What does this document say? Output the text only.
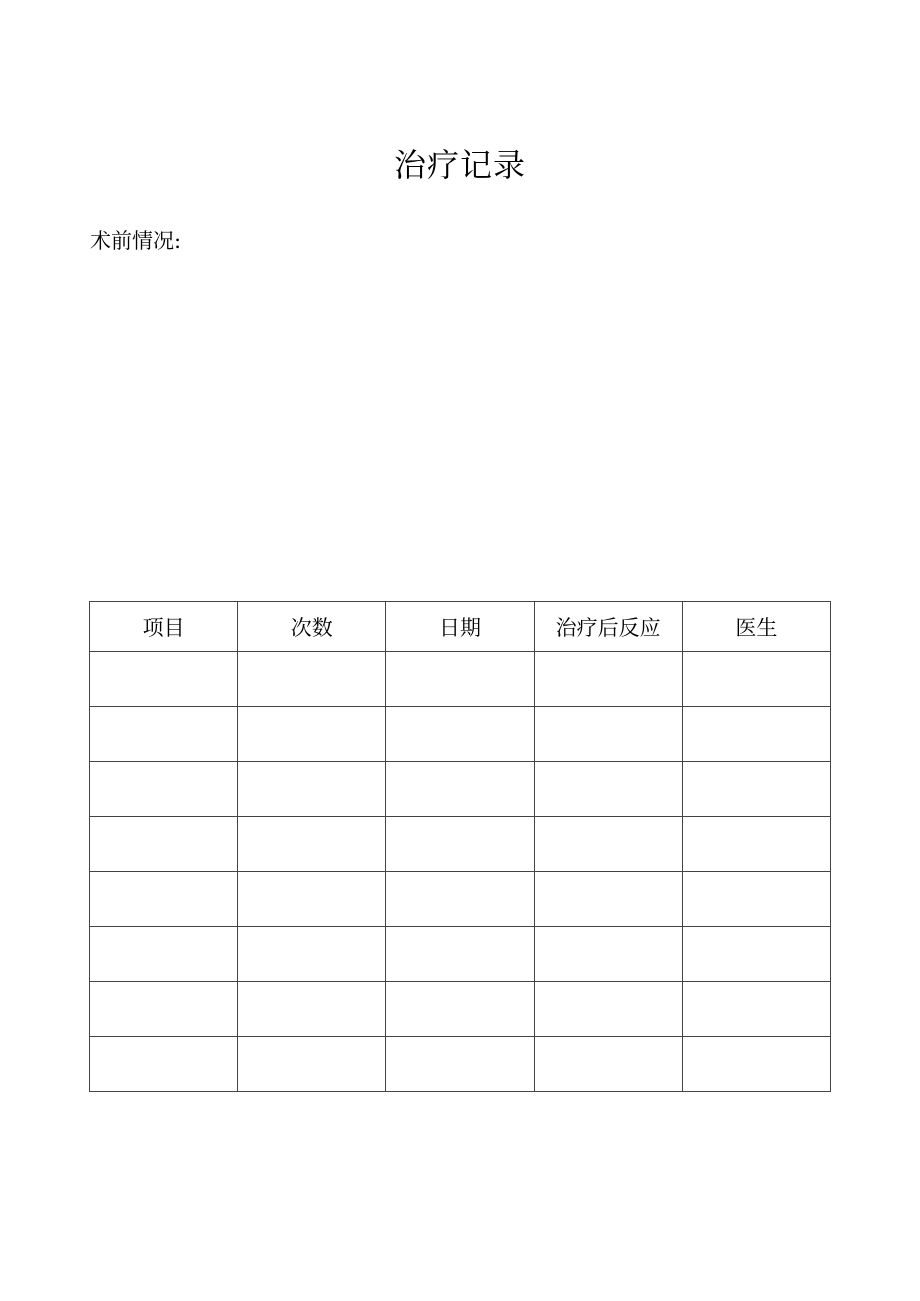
治疗记录
术前情况:
项目	次数	日期	治疗后反应	医生
